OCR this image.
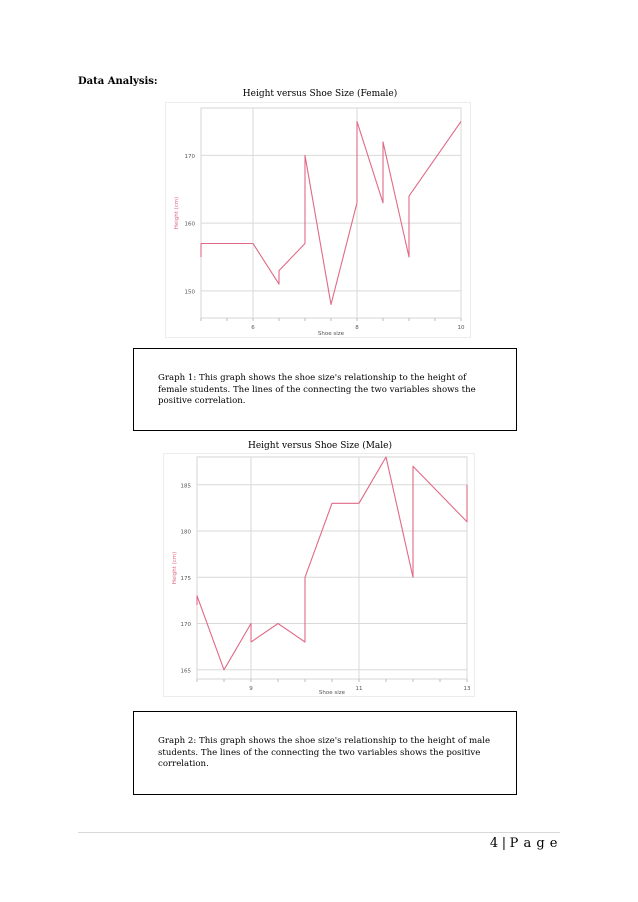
Data Analysis:
Height versus Shoe Size (Female)
150
160
170
6	8	10
Shoe size
Height (cm)
Graph 1: This graph shows the shoe size's relationship to the height of female students. The lines of the connecting the two variables shows the positive correlation.
Height versus Shoe Size (Male)
165
170
175
180
185
9	11	13
Shoe size
Height (cm)
Graph 2: This graph shows the shoe size's relationship to the height of male students. The lines of the connecting the two variables shows the positive correlation.
4 | P a g e
